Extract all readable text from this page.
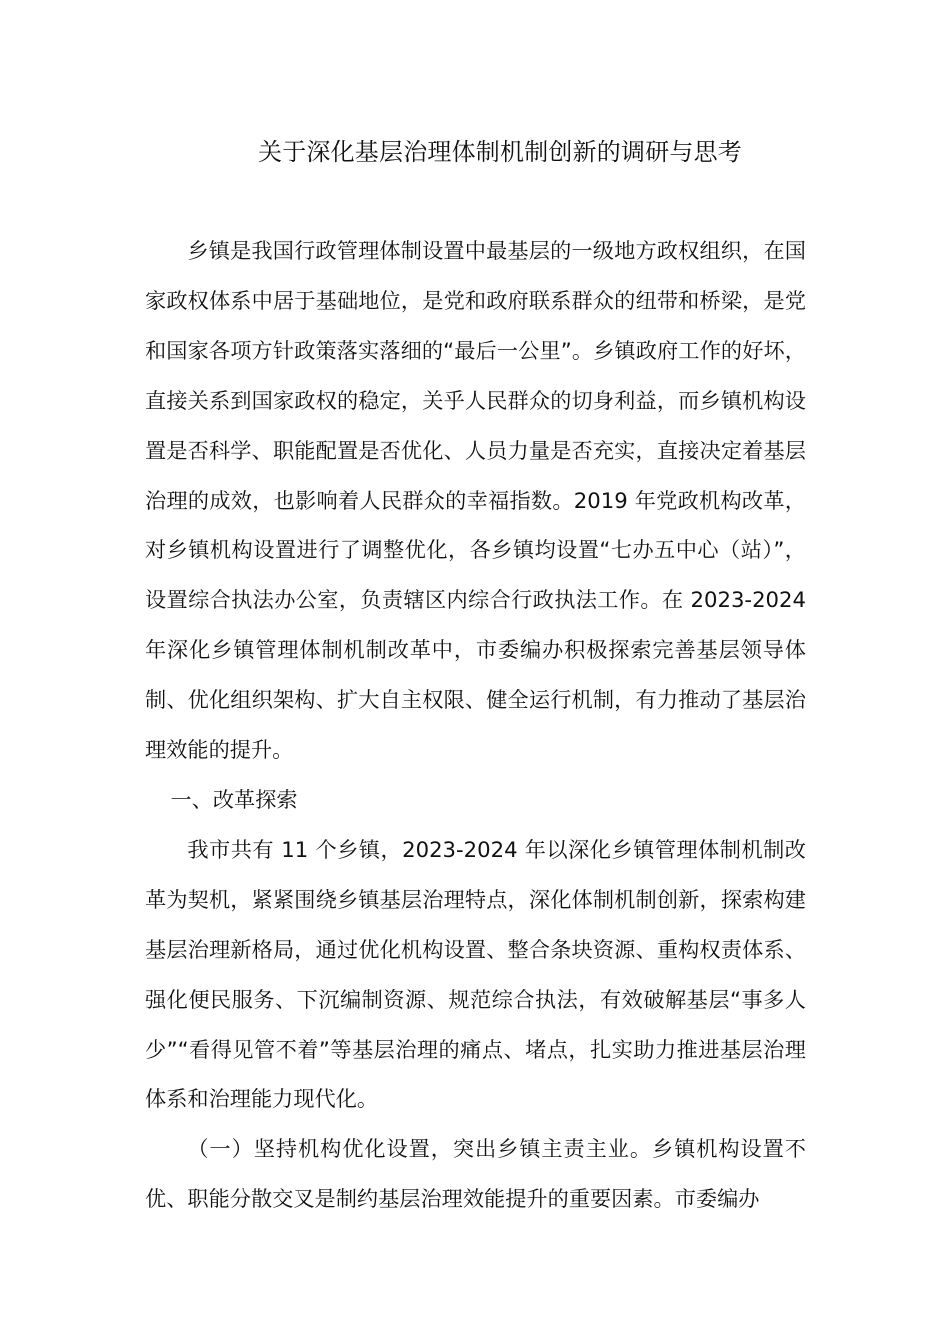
关于深化基层治理体制机制创新的调研与思考

乡镇是我国行政管理体制设置中最基层的一级地方政权组织，在国家政权体系中居于基础地位，是党和政府联系群众的纽带和桥梁，是党和国家各项方针政策落实落细的“最后一公里”。乡镇政府工作的好坏，直接关系到国家政权的稳定，关乎人民群众的切身利益，而乡镇机构设置是否科学、职能配置是否优化、人员力量是否充实，直接决定着基层治理的成效，也影响着人民群众的幸福指数。2019 年党政机构改革，对乡镇机构设置进行了调整优化，各乡镇均设置“七办五中心（站）”，设置综合执法办公室，负责辖区内综合行政执法工作。在 2023-2024 年深化乡镇管理体制机制改革中，市委编办积极探索完善基层领导体制、优化组织架构、扩大自主权限、健全运行机制，有力推动了基层治理效能的提升。

一、改革探索

我市共有 11 个乡镇，2023-2024 年以深化乡镇管理体制机制改革为契机，紧紧围绕乡镇基层治理特点，深化体制机制创新，探索构建基层治理新格局，通过优化机构设置、整合条块资源、重构权责体系、强化便民服务、下沉编制资源、规范综合执法，有效破解基层“事多人少”“看得见管不着”等基层治理的痛点、堵点，扎实助力推进基层治理体系和治理能力现代化。

（一）坚持机构优化设置，突出乡镇主责主业。乡镇机构设置不优、职能分散交叉是制约基层治理效能提升的重要因素。市委编办
